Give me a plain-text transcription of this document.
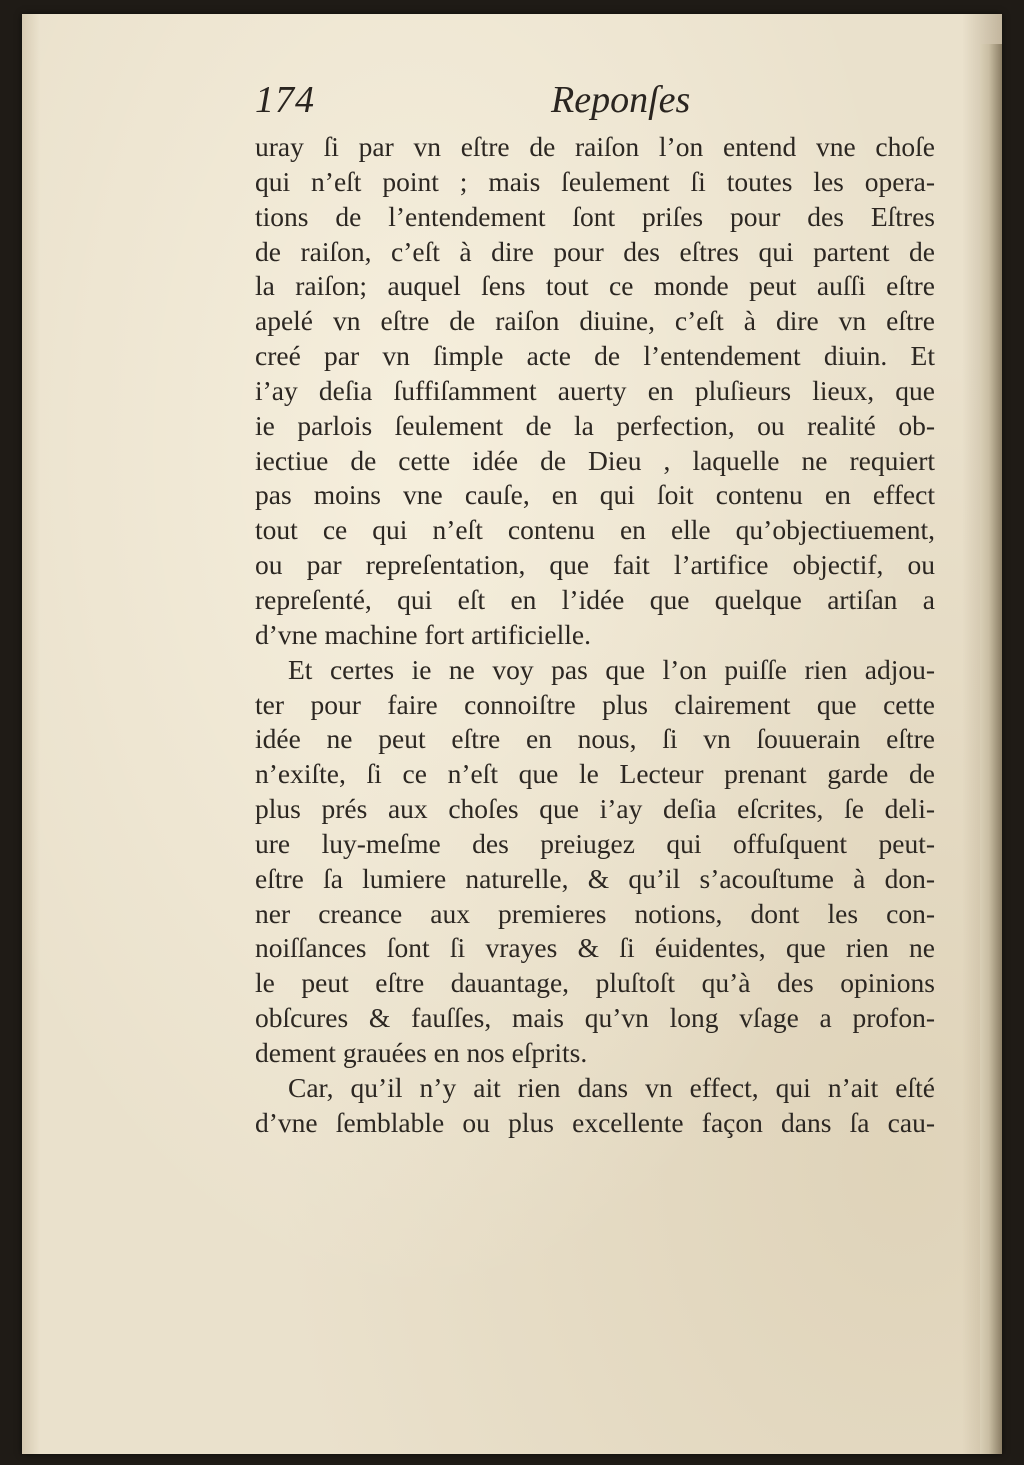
174	Reponſes
uray ſi par vn eſtre de raiſon l’on entend vne choſe
qui n’eſt point ; mais ſeulement ſi toutes les opera-
tions de l’entendement ſont priſes pour des Eſtres
de raiſon, c’eſt à dire pour des eſtres qui partent de
la raiſon; auquel ſens tout ce monde peut auſſi eſtre
apelé vn eſtre de raiſon diuine, c’eſt à dire vn eſtre
creé par vn ſimple acte de l’entendement diuin. Et
i’ay deſia ſuffiſamment auerty en pluſieurs lieux, que
ie parlois ſeulement de la perfection, ou realité ob-
iectiue de cette idée de Dieu , laquelle ne requiert
pas moins vne cauſe, en qui ſoit contenu en effect
tout ce qui n’eſt contenu en elle qu’objectiuement,
ou par repreſentation, que fait l’artifice objectif, ou
repreſenté, qui eſt en l’idée que quelque artiſan a
d’vne machine fort artificielle.
Et certes ie ne voy pas que l’on puiſſe rien adjou-
ter pour faire connoiſtre plus clairement que cette
idée ne peut eſtre en nous, ſi vn ſouuerain eſtre
n’exiſte, ſi ce n’eſt que le Lecteur prenant garde de
plus prés aux choſes que i’ay deſia eſcrites, ſe deli-
ure luy-meſme des preiugez qui offuſquent peut-
eſtre ſa lumiere naturelle, & qu’il s’acouſtume à don-
ner creance aux premieres notions, dont les con-
noiſſances ſont ſi vrayes & ſi éuidentes, que rien ne
le peut eſtre dauantage, pluſtoſt qu’à des opinions
obſcures & fauſſes, mais qu’vn long vſage a profon-
dement grauées en nos eſprits.
Car, qu’il n’y ait rien dans vn effect, qui n’ait eſté
d’vne ſemblable ou plus excellente façon dans ſa cau-
